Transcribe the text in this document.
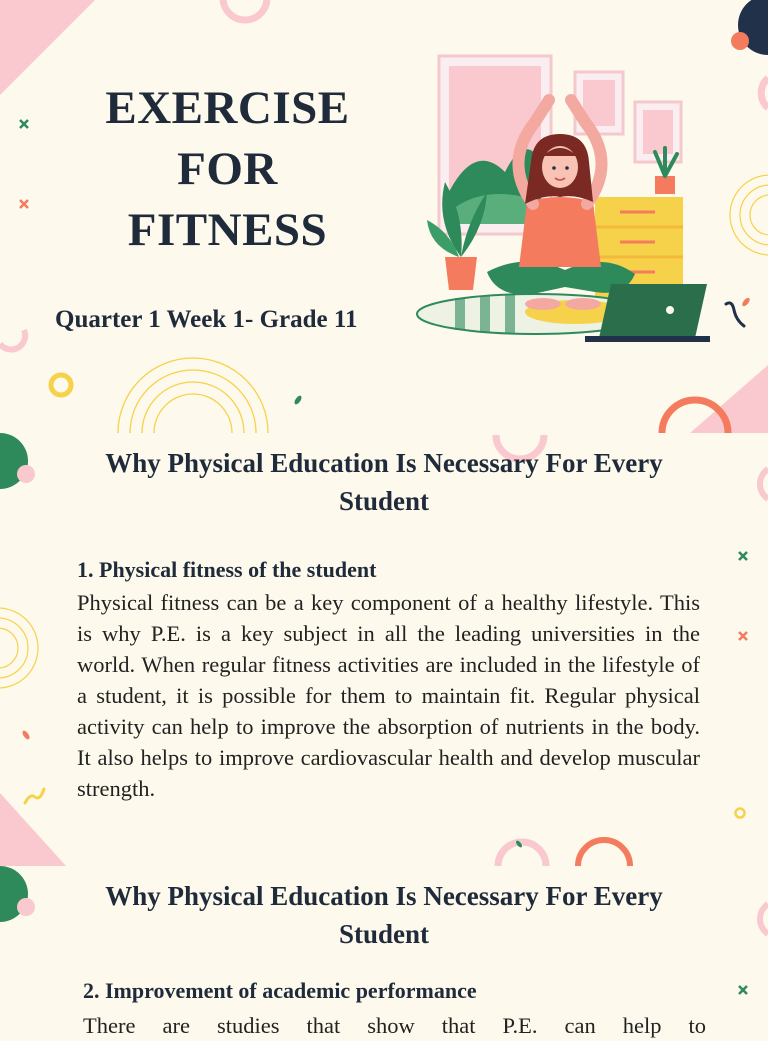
EXERCISE
FOR
FITNESS
Quarter 1 Week 1- Grade 11
Why Physical Education Is Necessary For Every Student
1. Physical fitness of the student
Physical fitness can be a key component of a healthy lifestyle. This is why P.E. is a key subject in all the leading universities in the world. When regular fitness activities are included in the lifestyle of a student, it is possible for them to maintain fit. Regular physical activity can help to improve the absorption of nutrients in the body. It also helps to improve cardiovascular health and develop muscular strength.
Why Physical Education Is Necessary For Every Student
2. Improvement of academic performance
There are studies that show that P.E. can help to
